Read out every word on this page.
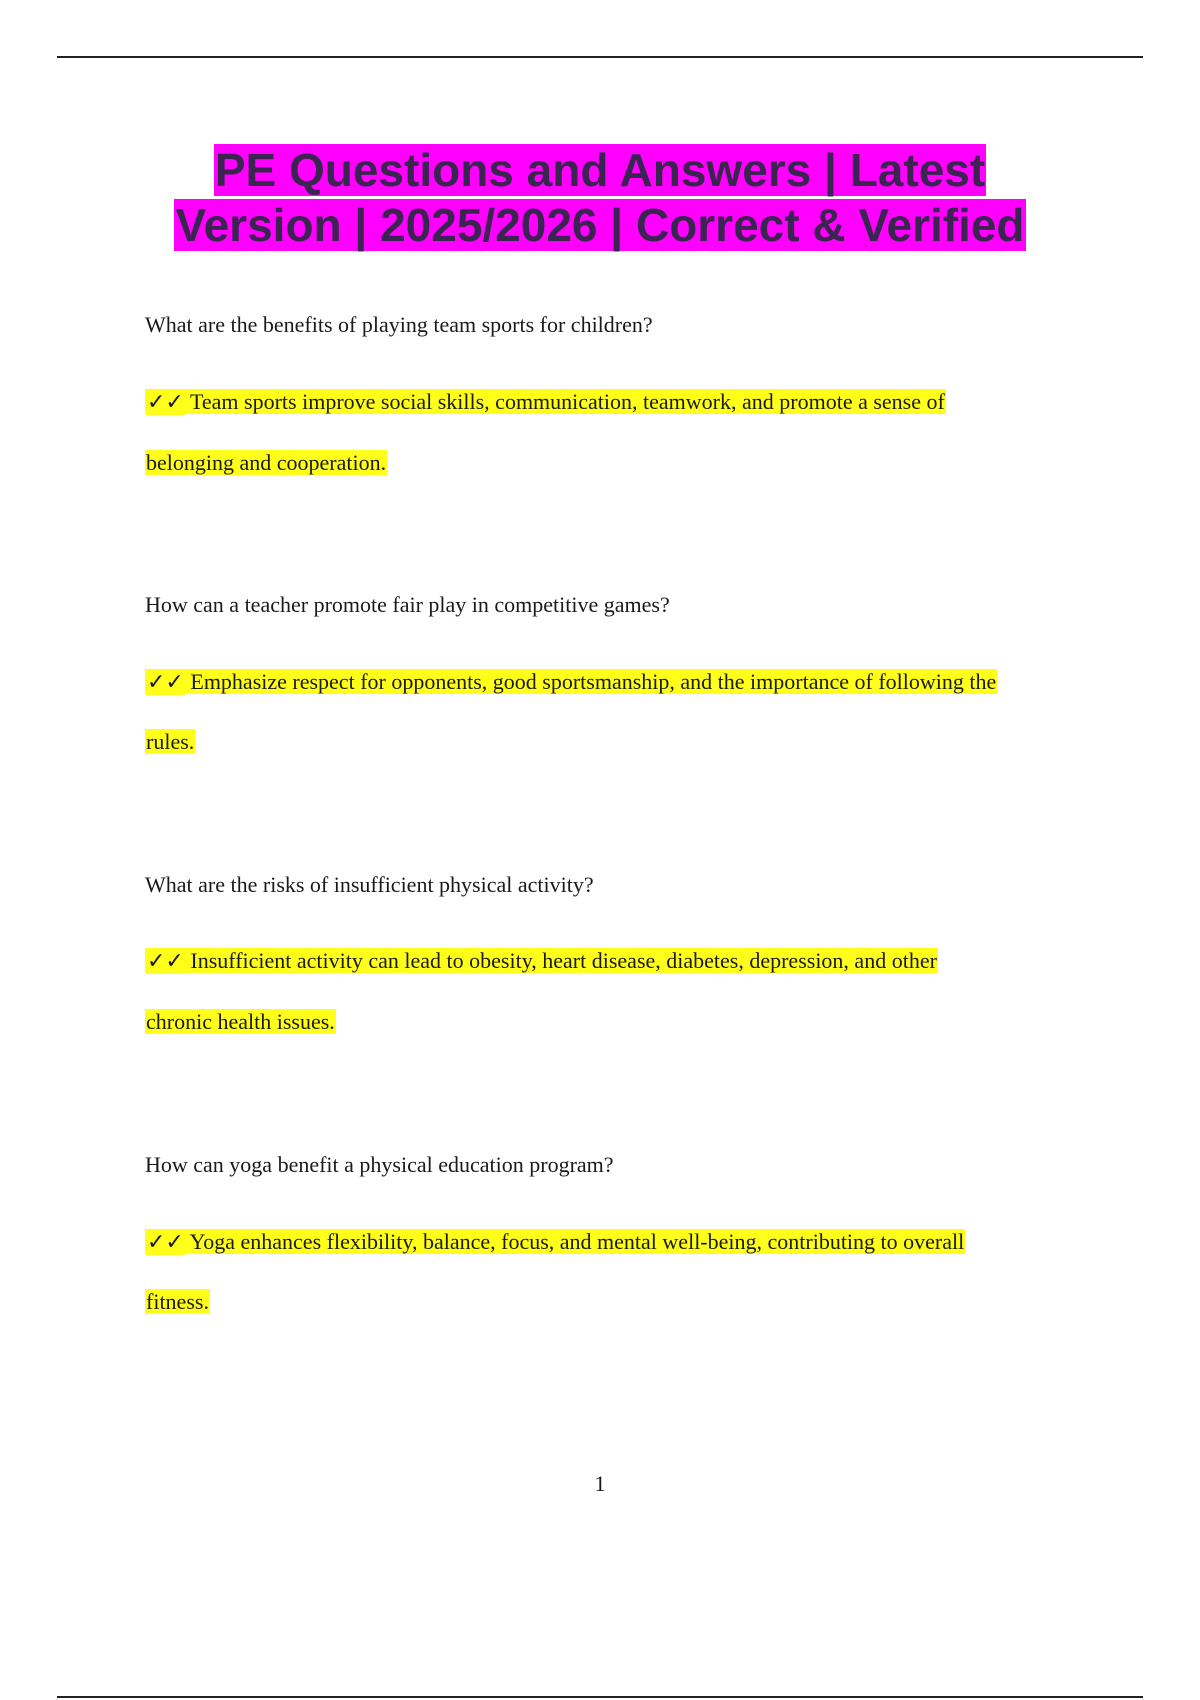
PE Questions and Answers | Latest
Version | 2025/2026 | Correct & Verified

What are the benefits of playing team sports for children?

✓✓ Team sports improve social skills, communication, teamwork, and promote a sense of

belonging and cooperation.

How can a teacher promote fair play in competitive games?

✓✓ Emphasize respect for opponents, good sportsmanship, and the importance of following the

rules.

What are the risks of insufficient physical activity?

✓✓ Insufficient activity can lead to obesity, heart disease, diabetes, depression, and other

chronic health issues.

How can yoga benefit a physical education program?

✓✓ Yoga enhances flexibility, balance, focus, and mental well-being, contributing to overall

fitness.

1
